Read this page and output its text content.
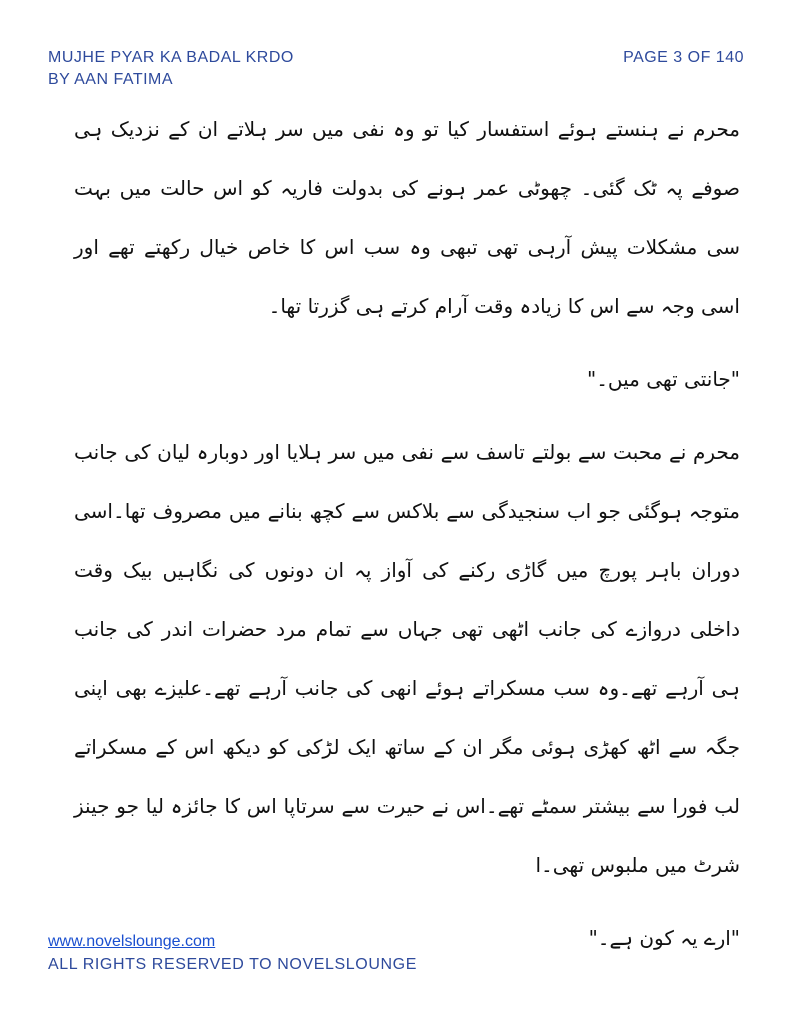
MUJHE PYAR KA BADAL KRDO
BY AAN FATIMA
PAGE 3 OF 140

محرم نے ہنستے ہوئے استفسار کیا تو وہ نفی میں سر ہلاتے ان کے نزدیک ہی صوفے پہ ٹک گئی۔ چھوٹی عمر ہونے کی بدولت فاریہ کو اس حالت میں بہت سی مشکلات پیش آرہی تھی تبھی وہ سب اس کا خاص خیال رکھتے تھے اور اسی وجہ سے اس کا زیادہ وقت آرام کرتے ہی گزرتا تھا۔

"جانتی تھی میں۔"

محرم نے محبت سے بولتے تاسف سے نفی میں سر ہلایا اور دوبارہ لیان کی جانب متوجہ ہوگئی جو اب سنجیدگی سے بلاکس سے کچھ بنانے میں مصروف تھا۔اسی دوران باہر پورچ میں گاڑی رکنے کی آواز پہ ان دونوں کی نگاہیں بیک وقت داخلی دروازے کی جانب اٹھی تھی جہاں سے تمام مرد حضرات اندر کی جانب ہی آرہے تھے۔وہ سب مسکراتے ہوئے انھی کی جانب آرہے تھے۔علیزے بھی اپنی جگہ سے اٹھ کھڑی ہوئی مگر ان کے ساتھ ایک لڑکی کو دیکھ اس کے مسکراتے لب فورا سے بیشتر سمٹے تھے۔اس نے حیرت سے سرتاپا اس کا جائزہ لیا جو جینز شرٹ میں ملبوس تھی۔ا

"ارے یہ کون ہے۔"

www.novelslounge.com
ALL RIGHTS RESERVED TO NOVELSLOUNGE
